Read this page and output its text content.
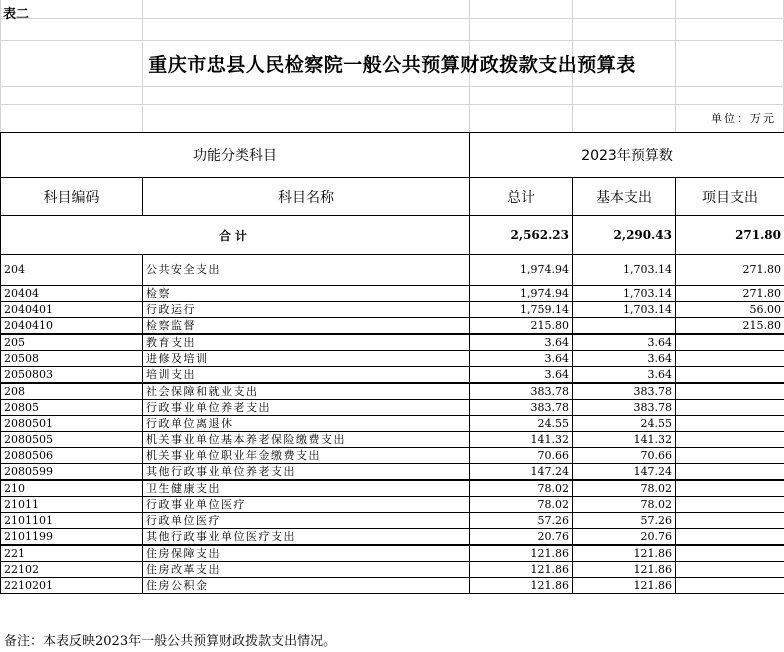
表二
重庆市忠县人民检察院一般公共预算财政拨款支出预算表
单位：万元
功能分类科目		2023年预算数		
科目编码	科目名称	总计	基本支出	项目支出
合计		2,562.23	2,290.43	271.80
204	公共安全支出	1,974.94	1,703.14	271.80
20404	检察	1,974.94	1,703.14	271.80
2040401	行政运行	1,759.14	1,703.14	56.00
2040410	检察监督	215.80		215.80
205	教育支出	3.64	3.64	
20508	进修及培训	3.64	3.64	
2050803	培训支出	3.64	3.64	
208	社会保障和就业支出	383.78	383.78	
20805	行政事业单位养老支出	383.78	383.78	
2080501	行政单位离退休	24.55	24.55	
2080505	机关事业单位基本养老保险缴费支出	141.32	141.32	
2080506	机关事业单位职业年金缴费支出	70.66	70.66	
2080599	其他行政事业单位养老支出	147.24	147.24	
210	卫生健康支出	78.02	78.02	
21011	行政事业单位医疗	78.02	78.02	
2101101	行政单位医疗	57.26	57.26	
2101199	其他行政事业单位医疗支出	20.76	20.76	
221	住房保障支出	121.86	121.86	
22102	住房改革支出	121.86	121.86	
2210201	住房公积金	121.86	121.86	
备注：本表反映2023年一般公共预算财政拨款支出情况。
